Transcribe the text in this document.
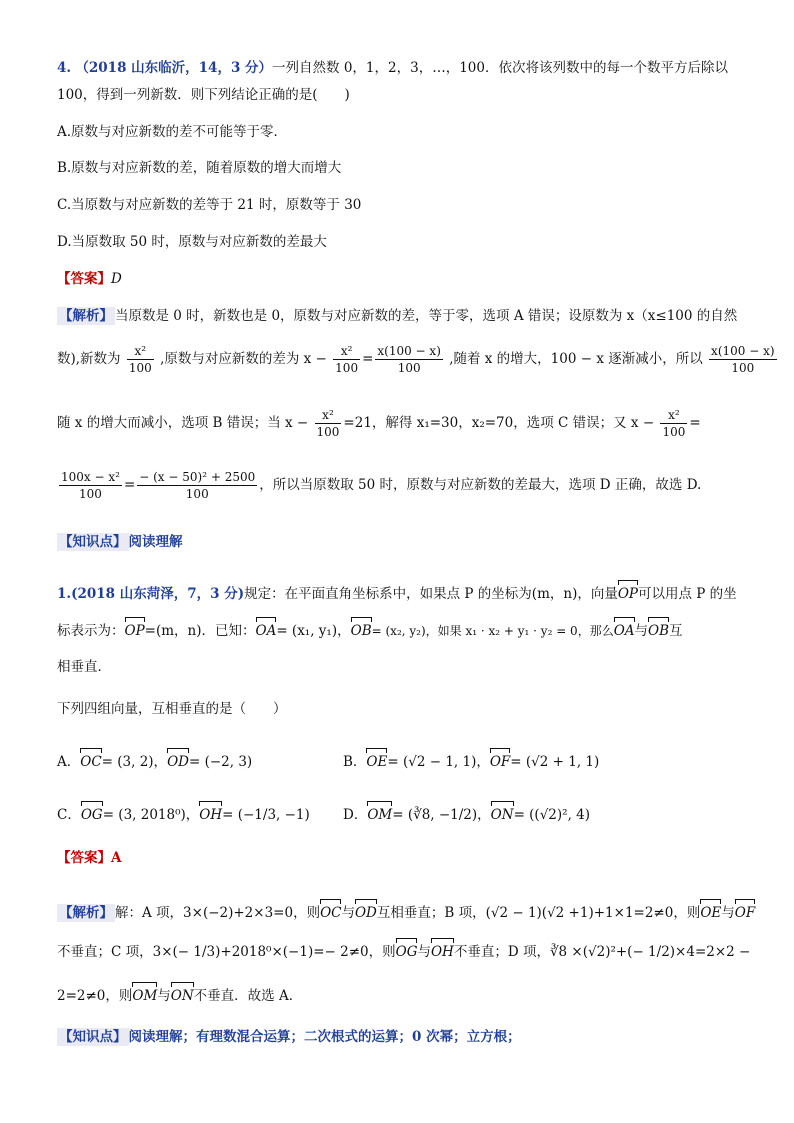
4. （2018 山东临沂，14，3 分）一列自然数 0，1，2，3，…，100．依次将该列数中的每一个数平方后除以
100，得到一列新数．则下列结论正确的是(　　)
A.原数与对应新数的差不可能等于零．
B.原数与对应新数的差，随着原数的增大而增大
C.当原数与对应新数的差等于 21 时，原数等于 30
D.当原数取 50 时，原数与对应新数的差最大
【答案】D
【解析】 当原数是 0 时，新数也是 0，原数与对应新数的差，等于零，选项 A 错误；设原数为 x（x≤100 的自然
数),新数为 $\frac{\text{x²}}{100}$ ,原数与对应新数的差为 $x - \frac{\text{x²}}{100} = \frac{x(100 - x)}{100}$ ,随着 x 的增大，100 − x 逐渐减小，所以 $\frac{x(100 - x)}{100}$
随 x 的增大而减小，选项 B 错误；当 $x - \frac{\text{x²}}{100} =21$，解得 x₁=30，x₂=70，选项 C 错误；又 $x - \frac{\text{x²}}{100}$ =
$\frac{\text{100x − x²}}{100} = \frac{\text{− (x − 50)² + 2500}}{100}$ ，所以当原数取 50 时，原数与对应新数的差最大，选项 D 正确，故选 D.
【知识点】 阅读理解
1.(2018 山东菏泽，7，3 分)规定：在平面直角坐标系中，如果点 P 的坐标为(m，n)，向量OP可以用点 P 的坐
标表示为：OP=(m，n)．已知：OA= (x₁, y₁)，OB= (x₂, y₂)，如果 x₁ · x₂ + y₁ · y₂ = 0，那么OA与OB互
相垂直．
下列四组向量，互相垂直的是（　　）
A．OC= (3, 2)，OD= (−2, 3)	B．OE= (√2 − 1, 1)，OF= (√2 + 1, 1)
C．OG= (3, 2018⁰)，OH= (−1/3, −1) D．OM= (∛8, −1/2)，ON= ((√2)², 4)
【答案】A
【解析】 解：A 项，3×(−2)+2×3=0，则OC与OD互相垂直；B 项，(√2 − 1)(√2 +1)+1×1=2≠0，则OE与OF
不垂直；C 项，3×(− 1/3)+2018⁰×(−1)=− 2≠0，则OG与OH不垂直；D 项，∛8 ×(√2)²+(− 1/2)×4=2×2 −
2=2≠0，则OM与ON不垂直．故选 A．
【知识点】 阅读理解；有理数混合运算；二次根式的运算；0 次幂；立方根；
